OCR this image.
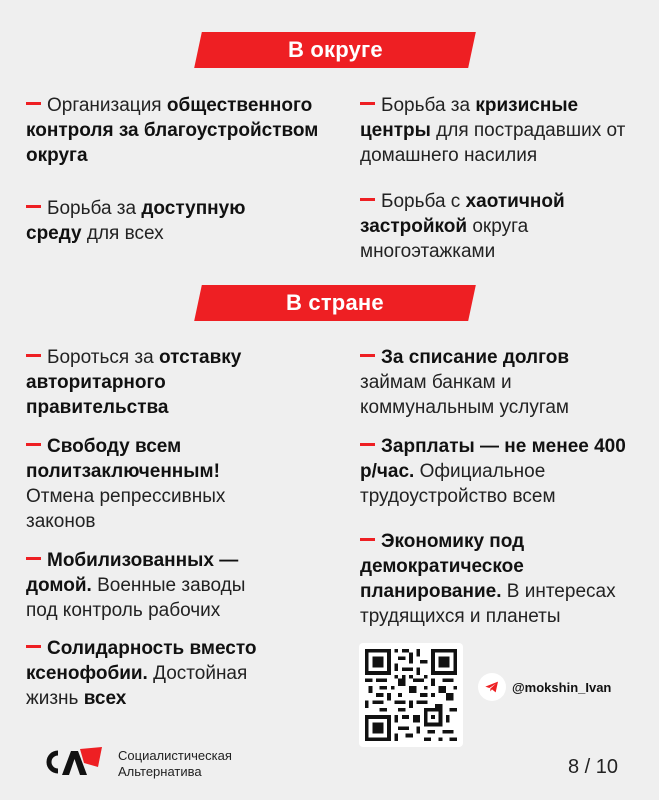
В округе
Организация общественного контроля за благоустройством округа
Борьба за доступную среду для всех
Борьба за кризисные центры для пострадавших от домашнего насилия
Борьба с хаотичной застройкой округа многоэтажками
В стране
Бороться за отставку авторитарного правительства
Свободу всем политзаключенным! Отмена репрессивных законов
Мобилизованных — домой. Военные заводы под контроль рабочих
Солидарность вместо ксенофобии. Достойная жизнь всех
За списание долгов займам банкам и коммунальным услугам
Зарплаты — не менее 400 р/час. Официальное трудоустройство всем
Экономику под демократическое планирование. В интересах трудящихся и планеты
@mokshin_Ivan
Социалистическая
Альтернатива	8 / 10
